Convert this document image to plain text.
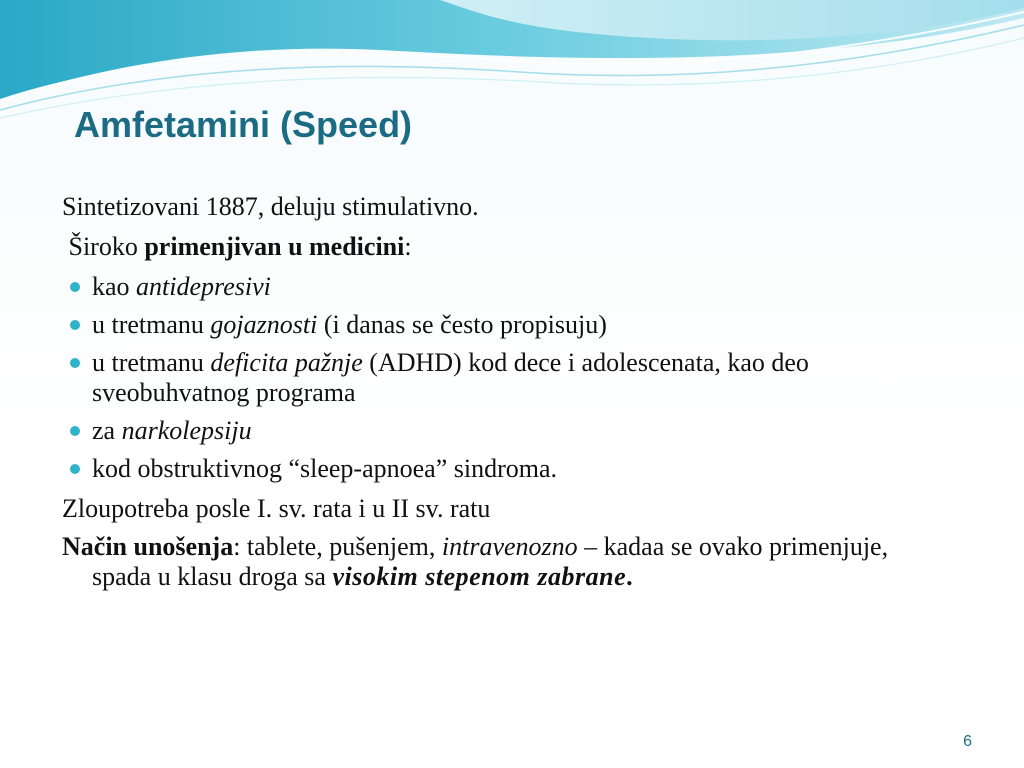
Amfetamini (Speed)
Sintetizovani 1887, deluju stimulativno.
Široko primenjivan u medicini:
kao antidepresivi
u tretmanu gojaznosti (i danas se često propisuju)
u tretmanu deficita pažnje (ADHD) kod dece i adolescenata, kao deo sveobuhvatnog programa
za narkolepsiju
kod obstruktivnog “sleep-apnoea” sindroma.
Zloupotreba posle I. sv. rata i u II sv. ratu
Način unošenja: tablete, pušenjem, intravenozno – kadaa se ovako primenjuje, spada u klasu droga sa visokim stepenom zabrane.
6
